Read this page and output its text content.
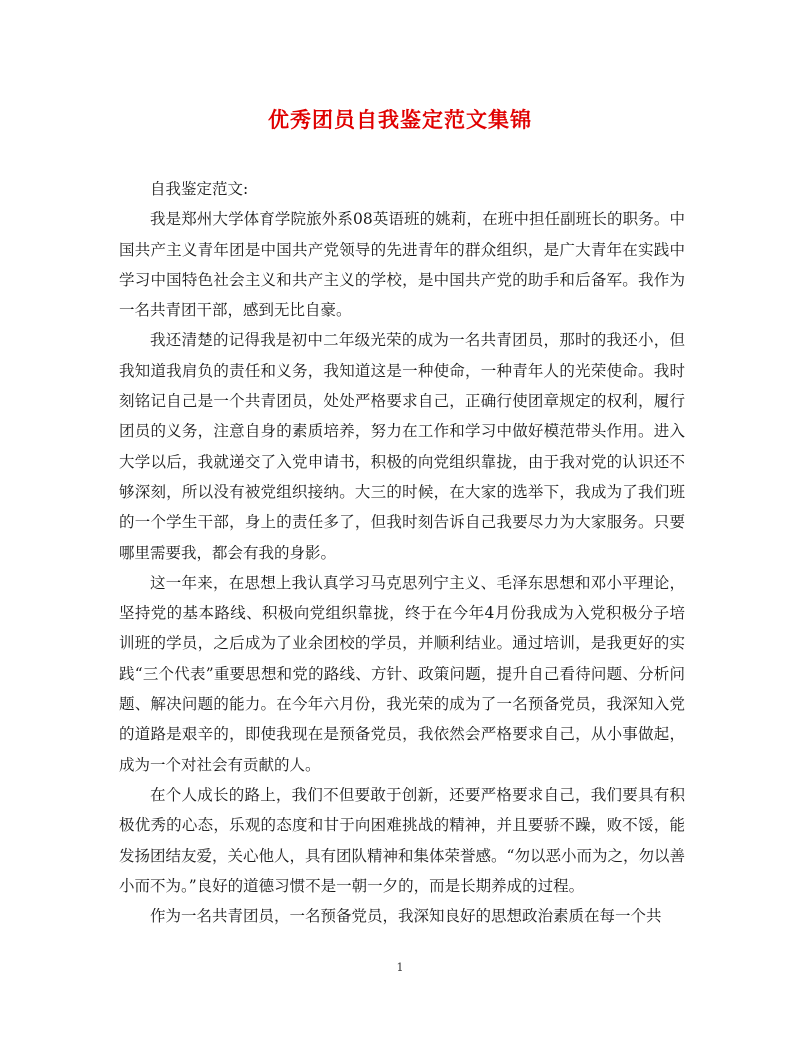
优秀团员自我鉴定范文集锦

自我鉴定范文:

我是郑州大学体育学院旅外系08英语班的姚莉，在班中担任副班长的职务。中国共产主义青年团是中国共产党领导的先进青年的群众组织，是广大青年在实践中学习中国特色社会主义和共产主义的学校，是中国共产党的助手和后备军。我作为一名共青团干部，感到无比自豪。

我还清楚的记得我是初中二年级光荣的成为一名共青团员，那时的我还小，但我知道我肩负的责任和义务，我知道这是一种使命，一种青年人的光荣使命。我时刻铭记自己是一个共青团员，处处严格要求自己，正确行使团章规定的权利，履行团员的义务，注意自身的素质培养，努力在工作和学习中做好模范带头作用。进入大学以后，我就递交了入党申请书，积极的向党组织靠拢，由于我对党的认识还不够深刻，所以没有被党组织接纳。大三的时候，在大家的选举下，我成为了我们班的一个学生干部，身上的责任多了，但我时刻告诉自己我要尽力为大家服务。只要哪里需要我，都会有我的身影。

这一年来，在思想上我认真学习马克思列宁主义、毛泽东思想和邓小平理论，坚持党的基本路线、积极向党组织靠拢，终于在今年4月份我成为入党积极分子培训班的学员，之后成为了业余团校的学员，并顺利结业。通过培训，是我更好的实践“三个代表”重要思想和党的路线、方针、政策问题，提升自己看待问题、分析问题、解决问题的能力。在今年六月份，我光荣的成为了一名预备党员，我深知入党的道路是艰辛的，即使我现在是预备党员，我依然会严格要求自己，从小事做起，成为一个对社会有贡献的人。

在个人成长的路上，我们不但要敢于创新，还要严格要求自己，我们要具有积极优秀的心态，乐观的态度和甘于向困难挑战的精神，并且要骄不躁，败不馁，能发扬团结友爱，关心他人，具有团队精神和集体荣誉感。“勿以恶小而为之，勿以善小而不为。”良好的道德习惯不是一朝一夕的，而是长期养成的过程。

作为一名共青团员，一名预备党员，我深知良好的思想政治素质在每一个共

1
